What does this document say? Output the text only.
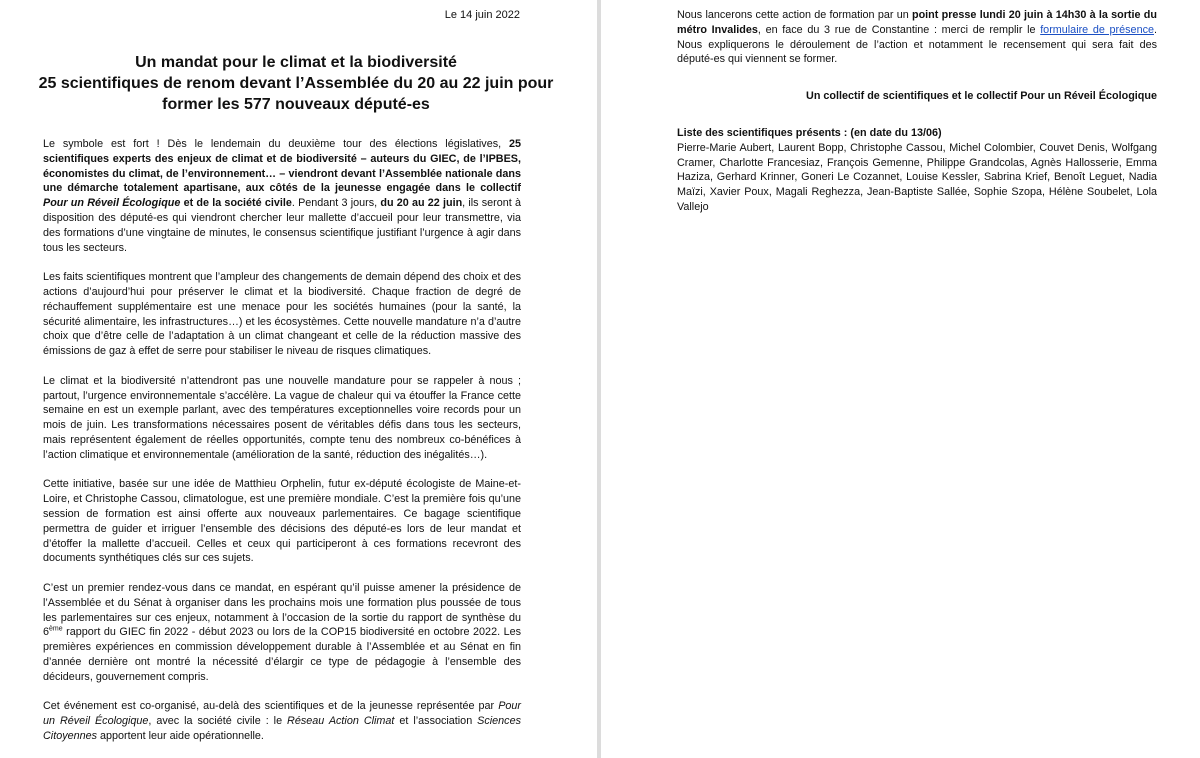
Le 14 juin 2022
Un mandat pour le climat et la biodiversité
25 scientifiques de renom devant l’Assemblée du 20 au 22 juin pour
former les 577 nouveaux député-es

Le symbole est fort ! Dès le lendemain du deuxième tour des élections législatives, 25 scientifiques experts des enjeux de climat et de biodiversité – auteurs du GIEC, de l’IPBES, économistes du climat, de l’environnement… – viendront devant l’Assemblée nationale dans une démarche totalement apartisane, aux côtés de la jeunesse engagée dans le collectif Pour un Réveil Écologique et de la société civile. Pendant 3 jours, du 20 au 22 juin, ils seront à disposition des député-es qui viendront chercher leur mallette d’accueil pour leur transmettre, via des formations d’une vingtaine de minutes, le consensus scientifique justifiant l’urgence à agir dans tous les secteurs.

Les faits scientifiques montrent que l’ampleur des changements de demain dépend des choix et des actions d’aujourd’hui pour préserver le climat et la biodiversité. Chaque fraction de degré de réchauffement supplémentaire est une menace pour les sociétés humaines (pour la santé, la sécurité alimentaire, les infrastructures…) et les écosystèmes. Cette nouvelle mandature n’a d’autre choix que d’être celle de l’adaptation à un climat changeant et celle de la réduction massive des émissions de gaz à effet de serre pour stabiliser le niveau de risques climatiques.

Le climat et la biodiversité n’attendront pas une nouvelle mandature pour se rappeler à nous ; partout, l’urgence environnementale s’accélère. La vague de chaleur qui va étouffer la France cette semaine en est un exemple parlant, avec des températures exceptionnelles voire records pour un mois de juin. Les transformations nécessaires posent de véritables défis dans tous les secteurs, mais représentent également de réelles opportunités, compte tenu des nombreux co-bénéfices à l’action climatique et environnementale (amélioration de la santé, réduction des inégalités…).

Cette initiative, basée sur une idée de Matthieu Orphelin, futur ex-député écologiste de Maine-et-Loire, et Christophe Cassou, climatologue, est une première mondiale. C’est la première fois qu’une session de formation est ainsi offerte aux nouveaux parlementaires. Ce bagage scientifique permettra de guider et irriguer l’ensemble des décisions des député-es lors de leur mandat et d’étoffer la mallette d’accueil. Celles et ceux qui participeront à ces formations recevront des documents synthétiques clés sur ces sujets.

C’est un premier rendez-vous dans ce mandat, en espérant qu’il puisse amener la présidence de l’Assemblée et du Sénat à organiser dans les prochains mois une formation plus poussée de tous les parlementaires sur ces enjeux, notamment à l’occasion de la sortie du rapport de synthèse du 6ème rapport du GIEC fin 2022 - début 2023 ou lors de la COP15 biodiversité en octobre 2022. Les premières expériences en commission développement durable à l’Assemblée et au Sénat en fin d’année dernière ont montré la nécessité d’élargir ce type de pédagogie à l’ensemble des décideurs, gouvernement compris.

Cet événement est co-organisé, au-delà des scientifiques et de la jeunesse représentée par Pour un Réveil Écologique, avec la société civile : le Réseau Action Climat et l’association Sciences Citoyennes apportent leur aide opérationnelle.

Nous lancerons cette action de formation par un point presse lundi 20 juin à 14h30 à la sortie du métro Invalides, en face du 3 rue de Constantine : merci de remplir le formulaire de présence. Nous expliquerons le déroulement de l’action et notamment le recensement qui sera fait des député-es qui viennent se former.

Un collectif de scientifiques et le collectif Pour un Réveil Écologique

Liste des scientifiques présents : (en date du 13/06)

Pierre-Marie Aubert, Laurent Bopp, Christophe Cassou, Michel Colombier, Couvet Denis, Wolfgang Cramer, Charlotte Francesiaz, François Gemenne, Philippe Grandcolas, Agnès Hallosserie, Emma Haziza, Gerhard Krinner, Goneri Le Cozannet, Louise Kessler, Sabrina Krief, Benoît Leguet, Nadia Maïzi, Xavier Poux, Magali Reghezza, Jean-Baptiste Sallée, Sophie Szopa, Hélène Soubelet, Lola Vallejo
